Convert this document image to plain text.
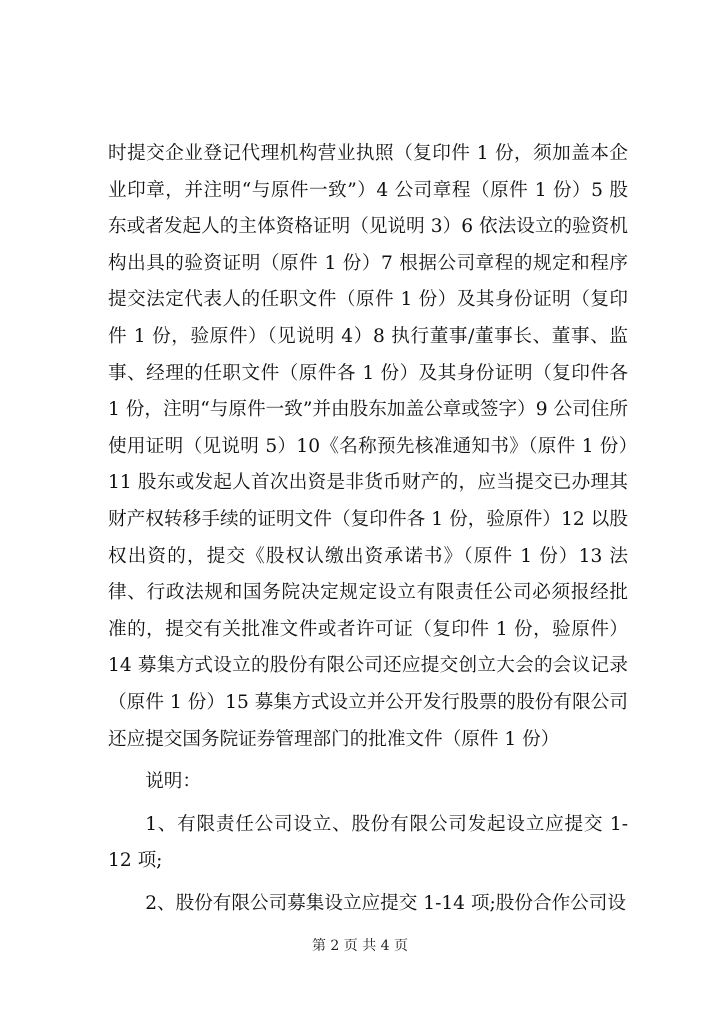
时提交企业登记代理机构营业执照（复印件 1 份，须加盖本企业印章，并注明“与原件一致”）4 公司章程（原件 1 份）5 股东或者发起人的主体资格证明（见说明 3）6 依法设立的验资机构出具的验资证明（原件 1 份）7 根据公司章程的规定和程序提交法定代表人的任职文件（原件 1 份）及其身份证明（复印件 1 份，验原件）（见说明 4）8 执行董事/董事长、董事、监事、经理的任职文件（原件各 1 份）及其身份证明（复印件各 1 份，注明“与原件一致”并由股东加盖公章或签字）9 公司住所使用证明（见说明 5）10《名称预先核准通知书》（原件 1 份）11 股东或发起人首次出资是非货币财产的，应当提交已办理其财产权转移手续的证明文件（复印件各 1 份，验原件）12 以股权出资的，提交《股权认缴出资承诺书》（原件 1 份）13 法律、行政法规和国务院决定规定设立有限责任公司必须报经批准的，提交有关批准文件或者许可证（复印件 1 份，验原件）14 募集方式设立的股份有限公司还应提交创立大会的会议记录（原件 1 份）15 募集方式设立并公开发行股票的股份有限公司还应提交国务院证券管理部门的批准文件（原件 1 份）

说明：

1、有限责任公司设立、股份有限公司发起设立应提交 1-12 项;

2、股份有限公司募集设立应提交 1-14 项;股份合作公司设

第 2 页 共 4 页
